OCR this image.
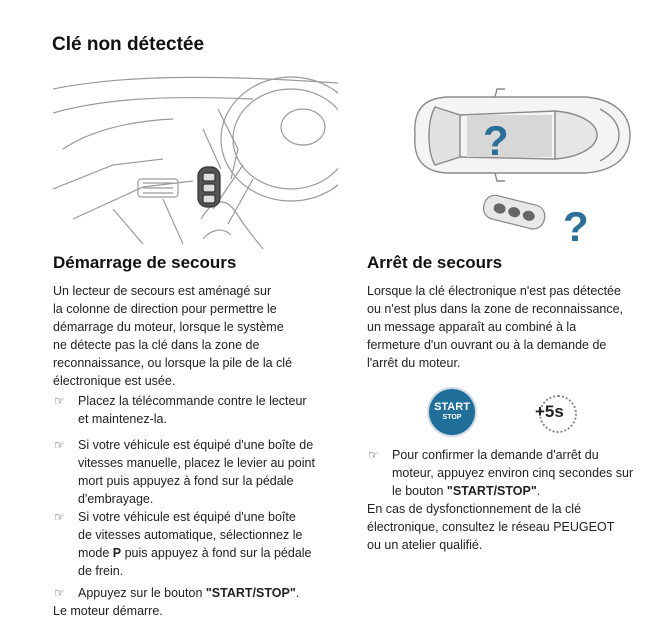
Clé non détectée
?
?
Démarrage de secours

Un lecteur de secours est aménagé sur
la colonne de direction pour permettre le
démarrage du moteur, lorsque le système
ne détecte pas la clé dans la zone de
reconnaissance, ou lorsque la pile de la clé
électronique est usée.

☞ Placez la télécommande contre le lecteur
et maintenez-la.
☞ Si votre véhicule est équipé d'une boîte de
vitesses manuelle, placez le levier au point
mort puis appuyez à fond sur la pédale
d'embrayage.
☞ Si votre véhicule est équipé d'une boîte
de vitesses automatique, sélectionnez le
mode P puis appuyez à fond sur la pédale
de frein.
☞ Appuyez sur le bouton "START/STOP".

Le moteur démarre.

Arrêt de secours

Lorsque la clé électronique n'est pas détectée
ou n'est plus dans la zone de reconnaissance,
un message apparaît au combiné à la
fermeture d'un ouvrant ou à la demande de
l'arrêt du moteur.

START
STOP	+5s
☞ Pour confirmer la demande d'arrêt du
moteur, appuyez environ cinq secondes sur
le bouton "START/STOP".

En cas de dysfonctionnement de la clé
électronique, consultez le réseau PEUGEOT
ou un atelier qualifié.
